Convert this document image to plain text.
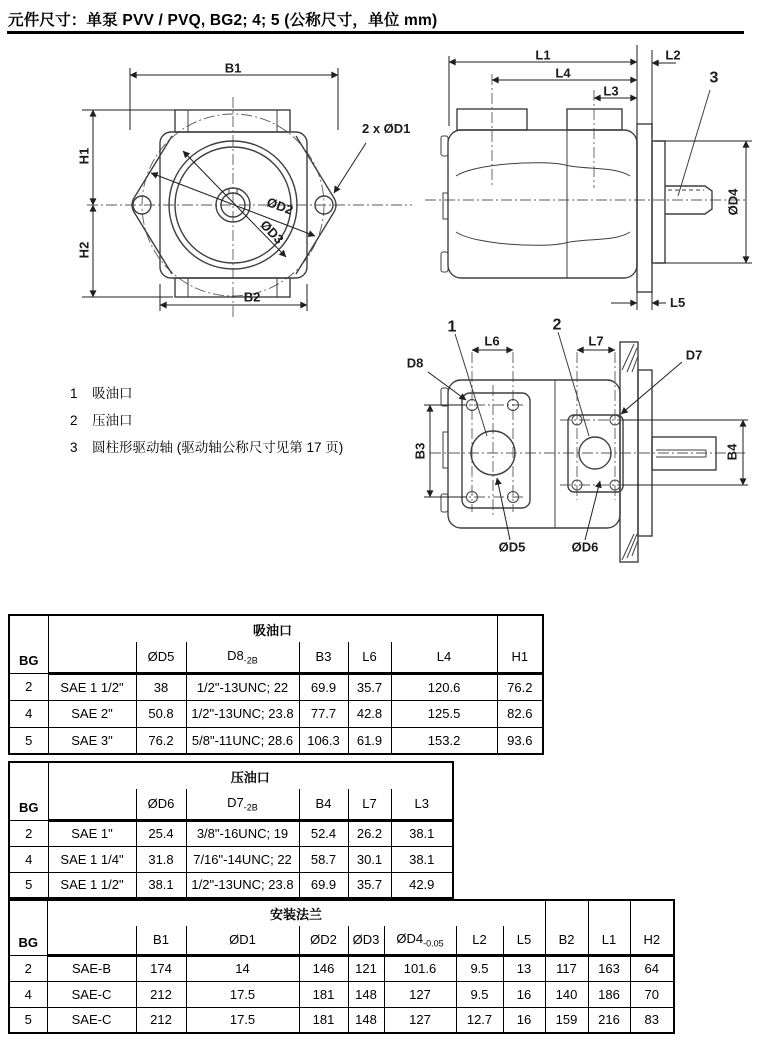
元件尺寸：单泵 PVV / PVQ, BG2; 4; 5 (公称尺寸，单位 mm)
B1
H1
H2
B2
2 x ØD1
ØD2
ØD3
L1
L4
L3
L2
3
ØD4
L5
1	2
L6	L7
D8
D7
B3	B4
ØD5	ØD6
1 吸油口
2 压油口
3 圆柱形驱动轴 (驱动轴公称尺寸见第 17 页)
BG	吸油口						
		ØD5	$D8_{-2B}$	B3	L6	L4	H1
2	SAE 1 1/2"	38	1/2"-13UNC; 22	69.9	35.7	120.6	76.2
4	SAE 2"	50.8	1/2"-13UNC; 23.8	77.7	42.8	125.5	82.6
5	SAE 3"	76.2	5/8"-11UNC; 28.6	106.3	61.9	153.2	93.6
BG	压油口					
		ØD6	$D7_{-2B}$	B4	L7	L3
2	SAE 1"	25.4	3/8"-16UNC; 19	52.4	26.2	38.1
4	SAE 1 1/4"	31.8	7/16"-14UNC; 22	58.7	30.1	38.1
5	SAE 1 1/2"	38.1	1/2"-13UNC; 23.8	69.9	35.7	42.9
BG	安装法兰										
		B1	ØD1	ØD2	ØD3	$ØD4_{-0.05}$	L2	L5	B2	L1	H2
2	SAE-B	174	14	146	121	101.6	9.5	13	117	163	64
4	SAE-C	212	17.5	181	148	127	9.5	16	140	186	70
5	SAE-C	212	17.5	181	148	127	12.7	16	159	216	83
